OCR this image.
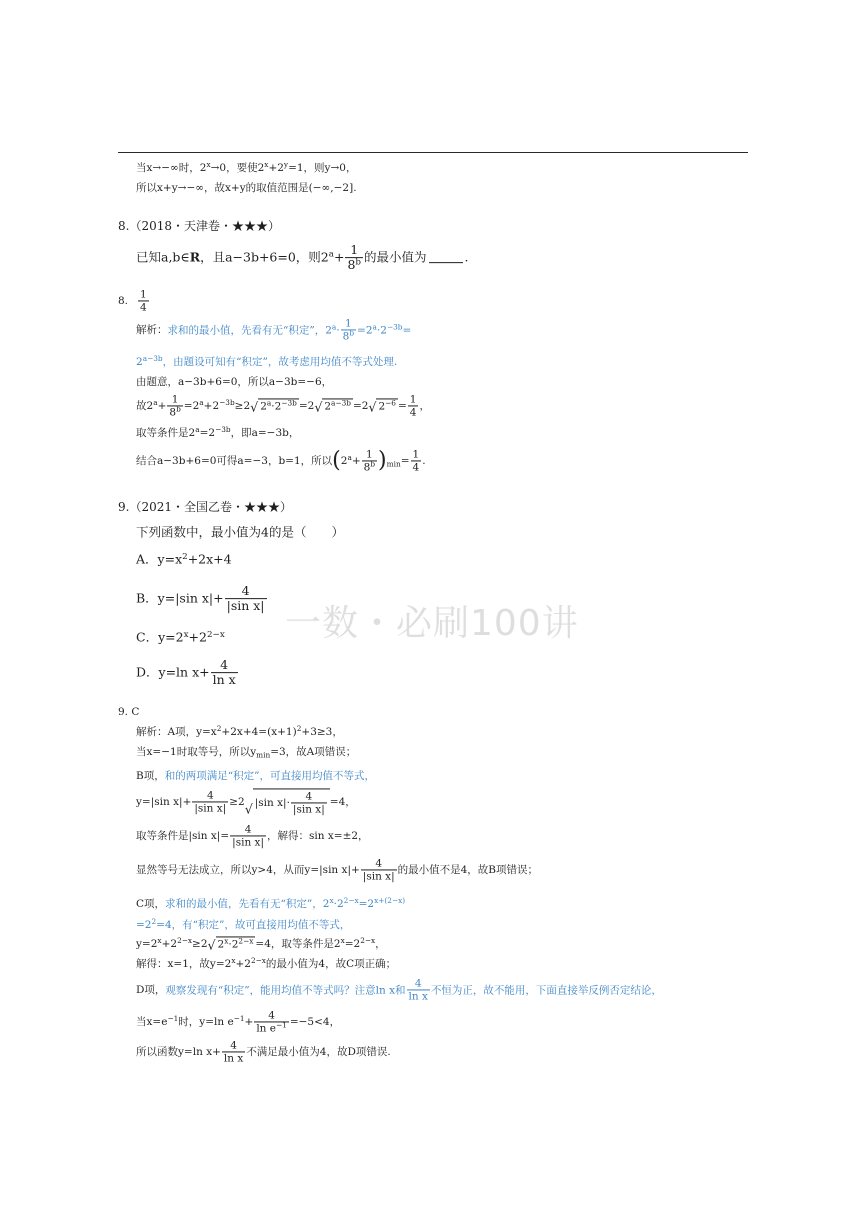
一数・必刷100讲
当x→−∞时，$2^x\to 0$，要使$2^x+2^y=1$，则y→0，
所以x+y→−∞，故x+y的取值范围是(−∞,−2].
8.（2018・天津卷・★★★）
已知a,b∈R，且a−3b+6=0，则$2^a+ \frac{1}{8^b}$ 的最小值为	.
8. $\frac{1}{4}$
解析：求和的最小值，先看有无“积定”，$2^a\cdot \frac{1}{8^b} =2^a\cdot 2^{-3b}=$
$2^{a-3b}$，由题设可知有“积定”，故考虑用均值不等式处理.
由题意，a−3b+6=0，所以a−3b=−6，
故$2^a+ \frac{1}{8^b} =2^a+2^{-3b}\ge 2$ √ $2^a\cdot 2^{-3b} =2$ √ $2^{a-3b} =2$ √ $2^{-6} = \frac{1}{4}$ ，
取等条件是$2^a=2^{-3b}$，即a=−3b，
结合a−3b+6=0可得a=−3，b=1，所以$(2^a+ \frac{1}{8^b} )_{min}= \frac{1}{4}$ .
9.（2021・全国乙卷・★★★）
下列函数中，最小值为4的是（　　）
A．$y=x^2+2x+4$
B．y=|sin $x|+ \frac{4}{\text{|sin x|}}$
C．$y=2^x+2^{2-x}$
D．y=ln $x+ \frac{4}{\text{ln x}}$
9. C
解析：A项，$y=x^2+2x+4=(x+1)^2+3\ge 3$，
当x=−1时取等号，所以$y_{min}=3$，故A项错误；
B项，和的两项满足“积定”，可直接用均值不等式，
y=|sin $x|+ \frac{4}{\text{|sin x|}} \ge 2$ √ |sin $x|\cdot \frac{4}{\text{|sin x|}} =4$，
取等条件是|sin $x|= \frac{4}{\text{|sin x|}}$ ，解得：sin x=±2，
显然等号无法成立，所以y>4，从而y=|sin $x|+ \frac{4}{\text{|sin x|}}$ 的最小值不是4，故B项错误；
C项，求和的最小值，先看有无“积定”，$2^x\cdot 2^{2-x}=2^{x+(2-x)}$
$=2^2=4$，有“积定”，故可直接用均值不等式，
$y=2^x+2^{2-x}\ge 2$ √ $2^x\cdot 2^{2-x} =4$，取等条件是$2^x=2^{2-x}$，
解得：x=1，故$y=2^x+2^{2-x}$的最小值为4，故C项正确；
D项，观察发现有“积定”，能用均值不等式吗？注意ln x和 $\frac{4}{\text{ln x}}$ 不恒为正，故不能用，下面直接举反例否定结论，
当$x=e^{-1}$时，y=ln $e^{-1}+ \frac{4}{\ln e^{-1}} =-5<4$，
所以函数y=ln $x+ \frac{4}{\text{ln x}}$ 不满足最小值为4，故D项错误.
